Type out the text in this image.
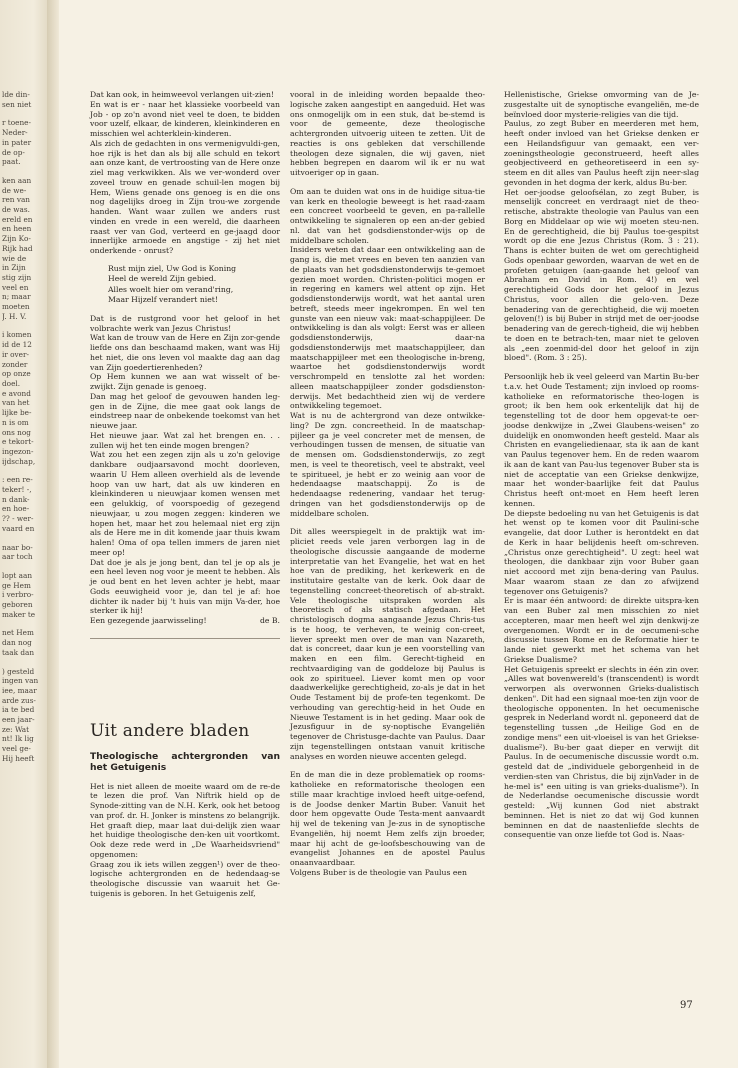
lde din-
sen niet

r toene-
Neder-
in pater
de op-
paat.

ken aan
de we-
ren van
de was.
ereld en
en heen
Zijn Ko-
Rijk had
wie de
in Zijn
stig zijn
veel en
n; maar
moeten
J. H. V.

i komen
id de 12
ir over-
zonder
op onze
doel.
e avond
van het
lijke be-
n is om
ons nog
e tekort-
ingezon-
ijdschap,

: een re-
teker! -,
n dank-
en hoe-
?? - wer-
vaard en

naar bo-
aar toch

lopt aan
ge Hem
i verbro-
geboren
maker te

net Hem
dan nog
taak dan

) gesteld
ingen van
iee, maar
arde zus-
ia te bed
een jaar-
ze: Wat
nt! Ik lig
veel ge-
Hij heeft

Dat kan ook, in heimweevol verlangen uit-zien!

En wat is er - naar het klassieke voorbeeld van Job - op zo'n avond niet veel te doen, te bidden voor uzelf, elkaar, de kinderen, kleinkinderen en misschien wel achterklein-kinderen.

Als zich de gedachten in ons vermenigvuldi-gen, hoe rijk is het dan als bij alle schuld en tekort aan onze kant, de vertroosting van de Here onze ziel mag verkwikken. Als we ver-wonderd over zoveel trouw en genade schuil-len mogen bij Hem, Wiens genade ons genoeg is en die ons nog dagelijks droeg in Zijn trou-we zorgende handen. Want waar zullen we anders rust vinden en vrede in een wereld, die daarheen raast ver van God, verteerd en ge-jaagd door innerlijke armoede en angstige - zij het niet onderkende - onrust?

Rust mijn ziel, Uw God is Koning
Heel de wereld Zijn gebied.
Alles woelt hier om verand'ring,
Maar Hijzelf verandert niet!

Dat is de rustgrond voor het geloof in het volbrachte werk van Jezus Christus!

Wat kan de trouw van de Here en Zijn zor-gende liefde ons dan beschaamd maken, want was Hij het niet, die ons leven vol maakte dag aan dag van Zijn goedertierenheden?

Op Hem kunnen we aan wat wisselt of be-zwijkt. Zijn genade is genoeg.

Dan mag het geloof de gevouwen handen leg-gen in de Zijne, die mee gaat ook langs de eindstreep naar de onbekende toekomst van het nieuwe jaar.

Het nieuwe jaar. Wat zal het brengen en. . . zullen wij het ten einde mogen brengen?

Wat zou het een zegen zijn als u zo'n gelovige dankbare oudjaarsavond mocht doorleven, waarin U Hem alleen overhield als de levende hoop van uw hart, dat als uw kinderen en kleinkinderen u nieuwjaar komen wensen met een gelukkig, of voorspoedig of gezegend nieuwjaar, u zou mogen zeggen: kinderen we hopen het, maar het zou helemaal niet erg zijn als de Here me in dit komende jaar thuis kwam halen! Oma of opa tellen immers de jaren niet meer op!

Dat doe je als je jong bent, dan tel je op als je een heel leven nog voor je meent te hebben. Als je oud bent en het leven achter je hebt, maar Gods eeuwigheid voor je, dan tel je af: hoe dichter ik nader bij 't huis van mijn Va-der, hoe sterker ik hij!

Een gezegende jaarwisseling!	de B.
Uit andere bladen
Theologische achtergronden van het Getuigenis

Het is niet alleen de moeite waard om de re-de te lezen die prof. Van Niftrik hield op de Synode-zitting van de N.H. Kerk, ook het betoog van prof. dr. H. Jonker is minstens zo belangrijk. Het graaft diep, maar laat dui-delijk zien waar het huidige theologische den-ken uit voortkomt. Ook deze rede werd in „De Waarheidsvriend" opgenomen:

Graag zou ik iets willen zeggen¹) over de theo-logische achtergronden en de hedendaag-se theologische discussie van waaruit het Ge-tuigenis is geboren. In het Getuigenis zelf,

vooral in de inleiding worden bepaalde theo-logische zaken aangestipt en aangeduid. Het was ons onmogelijk om in een stuk, dat be-stemd is voor de gemeente, deze theologische achtergronden uitvoerig uiteen te zetten. Uit de reacties is ons gebleken dat verschillende theologen deze signalen, die wij gaven, niet hebben begrepen en daarom wil ik er nu wat uitvoeriger op in gaan.

Om aan te duiden wat ons in de huidige situa-tie van kerk en theologie beweegt is het raad-zaam een concreet voorbeeld te geven, en pa-rallelle ontwikkeling te signaleren op een an-der gebied nl. dat van het godsdienstonder-wijs op de middelbare scholen.

Insiders weten dat daar een ontwikkeling aan de gang is, die met vrees en beven ten aanzien van de plaats van het godsdienstonderwijs te-gemoet gezien moet worden. Christen-politici mogen er in regering en kamers wel attent op zijn. Het godsdienstonderwijs wordt, wat het aantal uren betreft, steeds meer ingekrompen. En wel ten gunste van een nieuw vak: maat-schappijleer. De ontwikkeling is dan als volgt: Eerst was er alleen godsdienstonderwijs, daar-na godsdienstonderwijs met maatschappijleer, dan maatschappijleer met een theologische in-breng, waartoe het godsdienstonderwijs wordt verschrompeld en tenslotte zal het worden: alleen maatschappijleer zonder godsdienston-derwijs. Met bedachtheid zien wij de verdere ontwikkeling tegemoet.

Wat is nu de achtergrond van deze ontwikke-ling? De zgn. concreetheid. In de maatschap-pijleer ga je veel concreter met de mensen, de verhoudingen tussen de mensen, de situatie van de mensen om. Godsdienstonderwijs, zo zegt men, is veel te theoretisch, veel te abstrakt, veel te spiritueel, je hebt er zo weinig aan voor de hedendaagse maatschappij. Zo is de hedendaagse redenering, vandaar het terug-dringen van het godsdienstonderwijs op de middelbare scholen.

Dit alles weerspiegelt in de praktijk wat im-pliciet reeds vele jaren verborgen lag in de theologische discussie aangaande de moderne interpretatie van het Evangelie, het wat en het hoe van de prediking, het kerkewerk en de institutaire gestalte van de kerk. Ook daar de tegenstelling concreet-theoretisch of ab-strakt. Vele theologische uitspraken worden als theoretisch of als statisch afgedaan. Het christologisch dogma aangaande Jezus Chris-tus is te hoog, te verheven, te weinig con-creet, liever spreekt men over de man van Nazareth, dat is concreet, daar kun je een voorstelling van maken en een film. Gerecht-tigheid en rechtvaardiging van de goddeloze bij Paulus is ook zo spiritueel. Liever komt men op voor daadwerkelijke gerechtigheid, zo-als je dat in het Oude Testament bij de profe-ten tegenkomt. De verhouding van gerechtig-heid in het Oude en Nieuwe Testament is in het geding. Maar ook de Jezusfiguur in de sy-noptische Evangeliën tegenover de Christusge-dachte van Paulus. Daar zijn tegenstellingen ontstaan vanuit kritische analyses en worden nieuwe accenten gelegd.

En de man die in deze problematiek op rooms-katholieke en reformatorische theologen een stille maar krachtige invloed heeft uitge-oefend, is de Joodse denker Martin Buber. Vanuit het door hem opgevatte Oude Testa-ment aanvaardt hij wel de tekening van Je-zus in de synoptische Evangeliën, hij noemt Hem zelfs zijn broeder, maar hij acht de ge-loofsbeschouwing van de evangelist Johannes en de apostel Paulus onaanvaardbaar.

Volgens Buber is de theologie van Paulus een

Hellenistische, Griekse omvorming van de Je-zusgestalte uit de synoptische evangeliën, me-de beïnvloed door mysterie-religies van die tijd.

Paulus, zo zegt Buber en meerderen met hem, heeft onder invloed van het Griekse denken er een Heilandsfiguur van gemaakt, een ver-zoeningstheologie geconstrueerd, heeft alles geobjectiveerd en getheoretiseerd in een sy-steem en dit alles van Paulus heeft zijn neer-slag gevonden in het dogma der kerk, aldus Bu-ber.

Het oer-joodse geloofsélan, zo zegt Buber, is menselijk concreet en verdraagt niet de theo-retische, abstrakte theologie van Paulus van een Borg en Middelaar op wie wij moeten steu-nen. En de gerechtigheid, die bij Paulus toe-gespitst wordt op die ene Jezus Christus (Rom. 3 : 21). Thans is echter buiten de wet om gerechtigheid Gods openbaar geworden, waarvan de wet en de profeten getuigen (aan-gaande het geloof van Abraham en David in Rom. 4!) en wel gerechtigheid Gods door het geloof in Jezus Christus, voor allen die gelo-ven. Deze benadering van de gerechtigheid, die wij moeten geloven(!) is bij Buber in strijd met de oer-joodse benadering van de gerech-tigheid, die wij hebben te doen en te betrach-ten, maar niet te geloven als „een zoenmid-del door het geloof in zijn bloed". (Rom. 3 : 25).

Persoonlijk heb ik veel geleerd van Martin Bu-ber t.a.v. het Oude Testament; zijn invloed op rooms-katholieke en reformatorische theo-logen is groot; ik ben hem ook erkentelijk dat hij de tegenstelling tot de door hem opgevat-te oer-joodse denkwijze in „Zwei Glaubens-weisen" zo duidelijk en onomwonden heeft gesteld. Maar als Christen en evangeliedienaar, sta ik aan de kant van Paulus tegenover hem. En de reden waarom ik aan de kant van Pau-lus tegenover Buber sta is niet de acceptatie van een Griekse denkwijze, maar het wonder-baarlijke feit dat Paulus Christus heeft ont-moet en Hem heeft leren kennen.

De diepste bedoeling nu van het Getuigenis is dat het wenst op te komen voor dit Paulini-sche evangelie, dat door Luther is herontdekt en dat de Kerk in haar belijdenis heeft om-schreven. „Christus onze gerechtigheid". U zegt: heel wat theologen, die dankbaar zijn voor Buber gaan niet accoord met zijn bena-dering van Paulus. Maar waarom staan ze dan zo afwijzend tegenover ons Getuigenis?

Er is maar één antwoord: de direkte uitspra-ken van een Buber zal men misschien zo niet accepteren, maar men heeft wel zijn denkwij-ze overgenomen. Wordt er in de oecumeni-sche discussie tussen Rome en de Reformatie hier te lande niet gewerkt met het schema van het Griekse Dualisme?

Het Getuigenis spreekt er slechts in één zin over. „Alles wat bovenwereld's (transcendent) is wordt verworpen als overwonnen Grieks-dualistisch denken". Dit had een signaal moe-ten zijn voor de theologische opponenten. In het oecumenische gesprek in Nederland wordt nl. geponeerd dat de tegenstelling tussen „de Heilige God en de zondige mens" een uit-vloeisel is van het Griekse-dualisme²). Bu-ber gaat dieper en verwijt dit Paulus. In de oecumenische discussie wordt o.m. gesteld dat de „individuele geborgenheid in de verdien-sten van Christus, die bij zijnVader in de he-mel is" een uiting is van grieks-dualisme³). In de Nederlandse oecumenische discussie wordt gesteld: „Wij kunnen God niet abstrakt beminnen. Het is niet zo dat wij God kunnen beminnen en dat de naastenliefde slechts de consequentie van onze liefde tot God is. Naas-

97
